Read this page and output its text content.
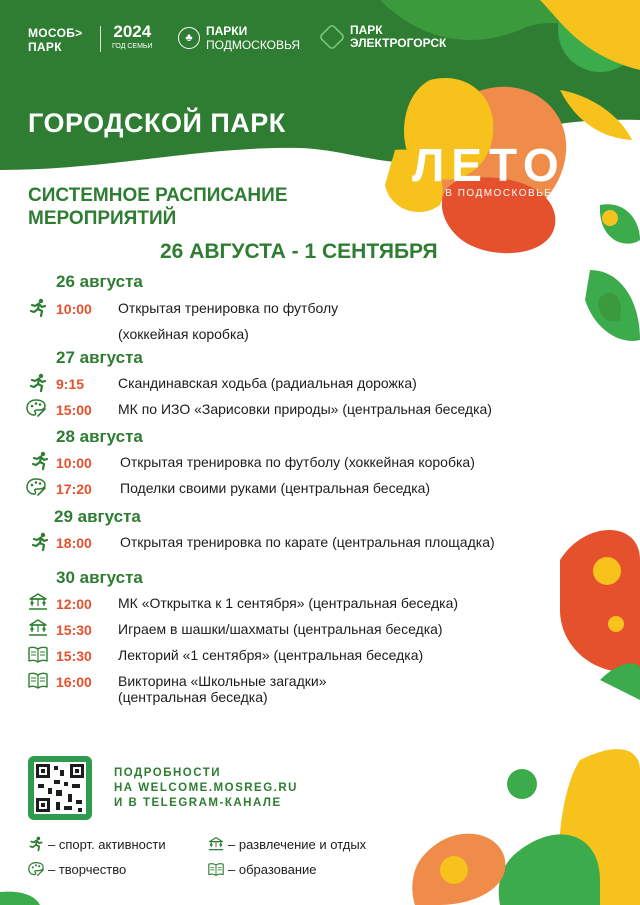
МОСОБ>
ПАРК
2024
ГОД СЕМЬИ
♣	ПАРКИ
ПОДМОСКОВЬЯ
ПАРК
ЭЛЕКТРОГОРСК
ГОРОДСКОЙ ПАРК
ЛЕТО
В ПОДМОСКОВЬЕ
СИСТЕМНОЕ РАСПИСАНИЕ
МЕРОПРИЯТИЙ
26 АВГУСТА - 1 СЕНТЯБРЯ
26 августа
10:00 Открытая тренировка по футболу
(хоккейная коробка)
27 августа
9:15 Скандинавская ходьба (радиальная дорожка)
15:00 МК по ИЗО «Зарисовки природы» (центральная беседка)
28 августа
10:00 Открытая тренировка по футболу (хоккейная коробка)
17:20 Поделки своими руками (центральная беседка)
29 августа
18:00 Открытая тренировка по карате (центральная площадка)
30 августа
12:00 МК «Открытка к 1 сентября» (центральная беседка)
15:30 Играем в шашки/шахматы (центральная беседка)
15:30 Лекторий «1 сентября» (центральная беседка)
16:00 Викторина «Школьные загадки»
(центральная беседка)
ПОДРОБНОСТИ
НА WELCOME.MOSREG.RU
И В TELEGRAM-КАНАЛЕ
– спорт. активности
– творчество
– развлечение и отдых
– образование
